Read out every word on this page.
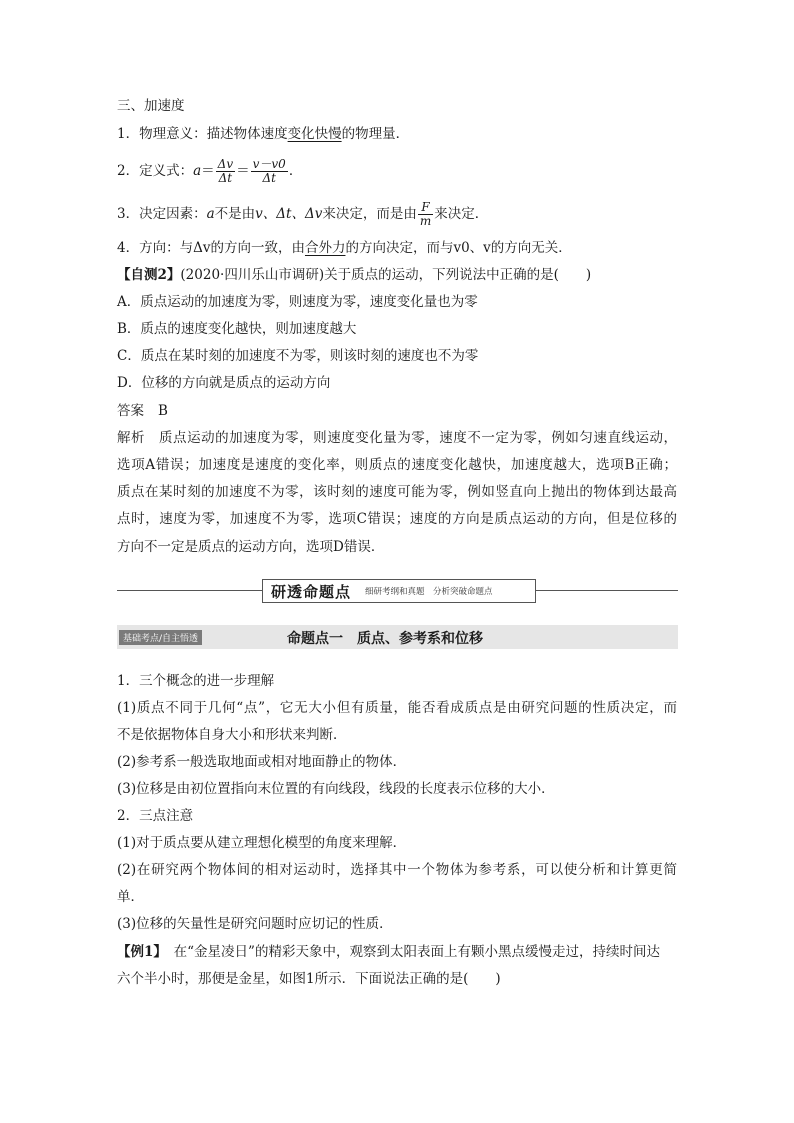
三、加速度
1．物理意义：描述物体速度变化快慢的物理量．
2．定义式：$a= \frac{\Delta v}{\Delta t} = \frac{v-v0}{\Delta t}$ ．
3．决定因素：a不是由v、Δt、Δv来决定，而是由 $\frac{F}{m}$ 来决定．
4．方向：与Δv的方向一致，由合外力的方向决定，而与v0、v的方向无关．
【自测2】(2020·四川乐山市调研)关于质点的运动，下列说法中正确的是(　　)
A．质点运动的加速度为零，则速度为零，速度变化量也为零
B．质点的速度变化越快，则加速度越大
C．质点在某时刻的加速度不为零，则该时刻的速度也不为零
D．位移的方向就是质点的运动方向
答案 B
解析　质点运动的加速度为零，则速度变化量为零，速度不一定为零，例如匀速直线运动，
选项A错误；加速度是速度的变化率，则质点的速度变化越快，加速度越大，选项B正确；
质点在某时刻的加速度不为零，该时刻的速度可能为零，例如竖直向上抛出的物体到达最高
点时，速度为零，加速度不为零，选项C错误；速度的方向是质点运动的方向，但是位移的
方向不一定是质点的运动方向，选项D错误．
研透命题点 细研考纲和真题　分析突破命题点
基础考点/自主悟透	命题点一　质点、参考系和位移
1．三个概念的进一步理解
(1)质点不同于几何“点”，它无大小但有质量，能否看成质点是由研究问题的性质决定，而
不是依据物体自身大小和形状来判断．
(2)参考系一般选取地面或相对地面静止的物体．
(3)位移是由初位置指向末位置的有向线段，线段的长度表示位移的大小．
2．三点注意
(1)对于质点要从建立理想化模型的角度来理解．
(2)在研究两个物体间的相对运动时，选择其中一个物体为参考系，可以使分析和计算更简
单．
(3)位移的矢量性是研究问题时应切记的性质．
【例1】　在“金星凌日”的精彩天象中，观察到太阳表面上有颗小黑点缓慢走过，持续时间达
六个半小时，那便是金星，如图1所示．下面说法正确的是(　　)
